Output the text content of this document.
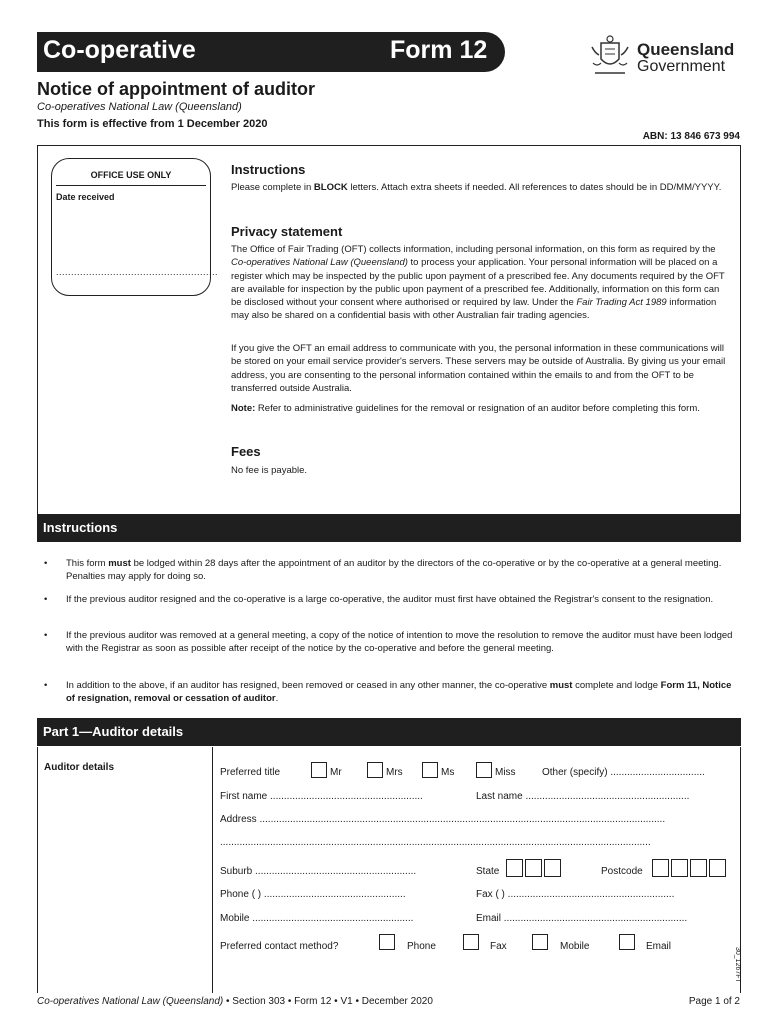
Co-operative	Form 12	Queensland
Government
Notice of appointment of auditor
Co-operatives National Law (Queensland)
This form is effective from 1 December 2020
ABN: 13 846 673 994
OFFICE USE ONLY
Date received
......................................................
Instructions
Please complete in BLOCK letters. Attach extra sheets if needed. All references to dates should be in DD/MM/YYYY.
Privacy statement
The Office of Fair Trading (OFT) collects information, including personal information, on this form as required by the Co-operatives National Law (Queensland) to process your application. Your personal information will be placed on a register which may be inspected by the public upon payment of a prescribed fee. Any documents required by the OFT are available for inspection by the public upon payment of a prescribed fee. Additionally, information on this form can be disclosed without your consent where authorised or required by law. Under the Fair Trading Act 1989 information may also be shared on a confidential basis with other Australian fair trading agencies.
If you give the OFT an email address to communicate with you, the personal information in these communications will be stored on your email service provider's servers. These servers may be outside of Australia. By giving us your email address, you are consenting to the personal information contained within the emails to and from the OFT to be transferred outside Australia.
Note: Refer to administrative guidelines for the removal or resignation of an auditor before completing this form.
Fees
No fee is payable.
Instructions
• This form must be lodged within 28 days after the appointment of an auditor by the directors of the co-operative or by the co-operative at a general meeting. Penalties may apply for doing so.
• If the previous auditor resigned and the co-operative is a large co-operative, the auditor must first have obtained the Registrar's consent to the resignation.
• If the previous auditor was removed at a general meeting, a copy of the notice of intention to move the resolution to remove the auditor must have been lodged with the Registrar as soon as possible after receipt of the notice by the co-operative and before the general meeting.
• In addition to the above, if an auditor has resigned, been removed or ceased in any other manner, the co-operative must complete and lodge Form 11, Notice of resignation, removal or cessation of auditor.
Part 1—Auditor details
Auditor details	Preferred title	Mr	Mrs	Ms	Miss	Other (specify) ..................................
First name .......................................................	Last name ...........................................................
Address ..................................................................................................................................................
...........................................................................................................................................................
Suburb ..........................................................	State	Postcode
Phone ( ) ...................................................	Fax ( ) ............................................................
Mobile ..........................................................	Email ..................................................................
Preferred contact method?	Phone	Fax	Mobile	Email
30_1267FT
Co-operatives National Law (Queensland) • Section 303 • Form 12 • V1 • December 2020	Page 1 of 2
